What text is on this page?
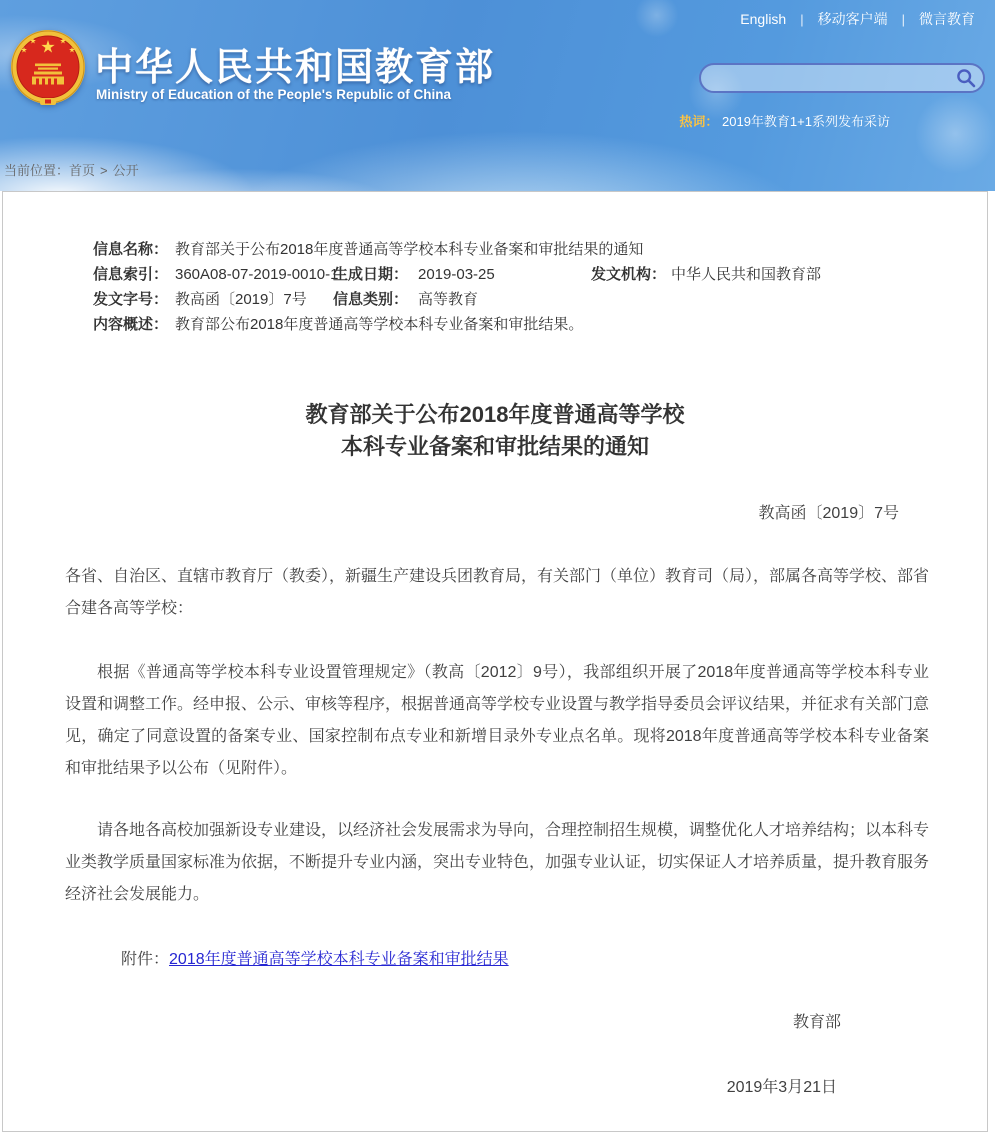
中华人民共和国教育部
Ministry of Education of the People's Republic of China
English | 移动客户端 | 微言教育
热词： 2019年教育1+1系列发布采访
当前位置：首页 > 公开
信息名称： 教育部关于公布2018年度普通高等学校本科专业备案和审批结果的通知
信息索引： 360A08-07-2019-0010-1
生成日期： 2019-03-25	发文机构： 中华人民共和国教育部
发文字号： 教高函〔2019〕7号	信息类别： 高等教育
内容概述： 教育部公布2018年度普通高等学校本科专业备案和审批结果。
教育部关于公布2018年度普通高等学校
本科专业备案和审批结果的通知
教高函〔2019〕7号

各省、自治区、直辖市教育厅（教委），新疆生产建设兵团教育局，有关部门（单位）教育司（局），部属各高等学校、部省合建各高等学校：

根据《普通高等学校本科专业设置管理规定》（教高〔2012〕9号），我部组织开展了2018年度普通高等学校本科专业设置和调整工作。经申报、公示、审核等程序，根据普通高等学校专业设置与教学指导委员会评议结果，并征求有关部门意见，确定了同意设置的备案专业、国家控制布点专业和新增目录外专业点名单。现将2018年度普通高等学校本科专业备案和审批结果予以公布（见附件）。

请各地各高校加强新设专业建设，以经济社会发展需求为导向，合理控制招生规模，调整优化人才培养结构；以本科专业类教学质量国家标准为依据，不断提升专业内涵，突出专业特色，加强专业认证，切实保证人才培养质量，提升教育服务经济社会发展能力。

附件：2018年度普通高等学校本科专业备案和审批结果
教育部
2019年3月21日
